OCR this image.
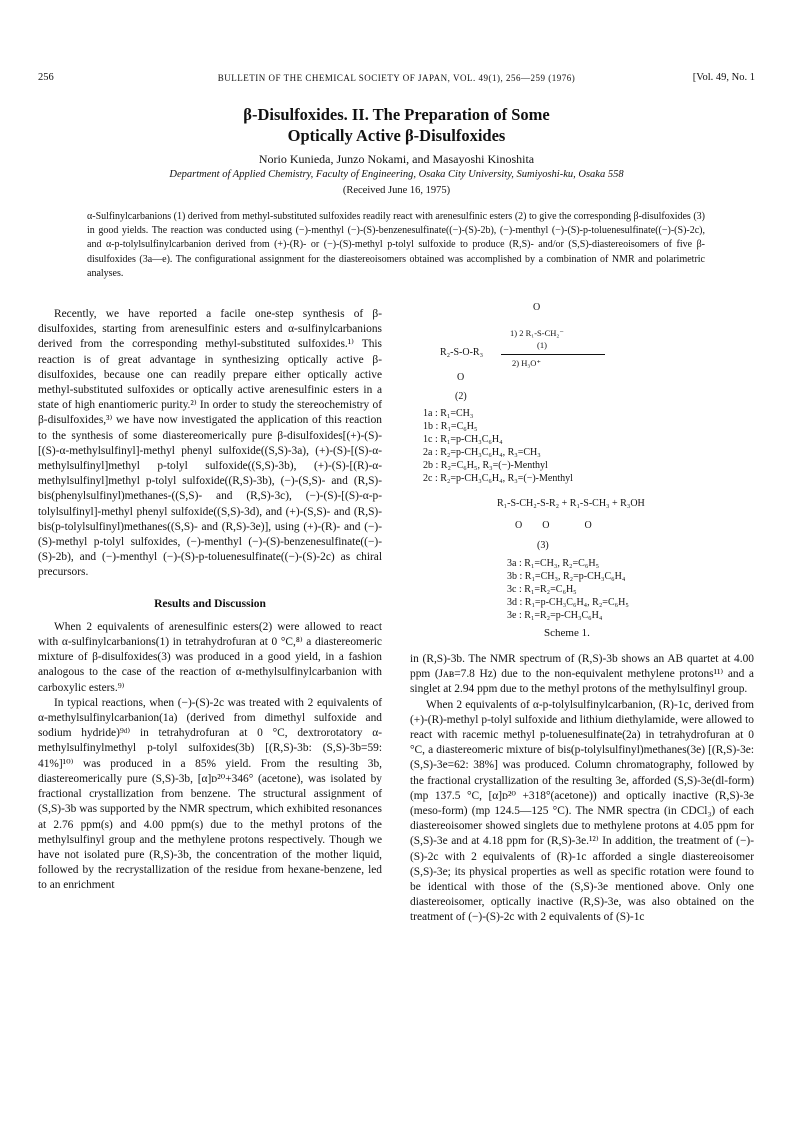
256	BULLETIN OF THE CHEMICAL SOCIETY OF JAPAN, VOL. 49(1), 256—259 (1976)	[Vol. 49, No. 1
β-Disulfoxides. II. The Preparation of Some
Optically Active β-Disulfoxides
Norio Kunieda, Junzo Nokami, and Masayoshi Kinoshita
Department of Applied Chemistry, Faculty of Engineering, Osaka City University, Sumiyoshi-ku, Osaka 558
(Received June 16, 1975)
α-Sulfinylcarbanions (1) derived from methyl-substituted sulfoxides readily react with arenesulfinic esters (2) to give the corresponding β-disulfoxides (3) in good yields. The reaction was conducted using (−)-menthyl (−)-(S)-benzenesulfinate((−)-(S)-2b), (−)-menthyl (−)-(S)-p-toluenesulfinate((−)-(S)-2c), and α-p-tolylsulfinylcarbanion derived from (+)-(R)- or (−)-(S)-methyl p-tolyl sulfoxide to produce (R,S)- and/or (S,S)-diastereoisomers of five β-disulfoxides (3a—e). The configurational assignment for the diastereoisomers obtained was accomplished by a combination of NMR and polarimetric analyses.

Recently, we have reported a facile one-step synthesis of β-disulfoxides, starting from arenesulfinic esters and α-sulfinylcarbanions derived from the corresponding methyl-substituted sulfoxides.¹⁾ This reaction is of great advantage in synthesizing optically active β-disulfoxides, because one can readily prepare either optically active methyl-substituted sulfoxides or optically active arenesulfinic esters in a state of high enantiomeric purity.²⁾ In order to study the stereochemistry of β-disulfoxides,³⁾ we have now investigated the application of this reaction to the synthesis of some diastereomerically pure β-disulfoxides[(+)-(S)-[(S)-α-methylsulfinyl]-methyl phenyl sulfoxide((S,S)-3a), (+)-(S)-[(S)-α-methylsulfinyl]methyl p-tolyl sulfoxide((S,S)-3b), (+)-(S)-[(R)-α-methylsulfinyl]methyl p-tolyl sulfoxide((R,S)-3b), (−)-(S,S)- and (R,S)-bis(phenylsulfinyl)methanes-((S,S)- and (R,S)-3c), (−)-(S)-[(S)-α-p-tolylsulfinyl]-methyl phenyl sulfoxide((S,S)-3d), and (+)-(S,S)- and (R,S)-bis(p-tolylsulfinyl)methanes((S,S)- and (R,S)-3e)], using (+)-(R)- and (−)-(S)-methyl p-tolyl sulfoxides, (−)-menthyl (−)-(S)-benzenesulfinate((−)-(S)-2b), and (−)-menthyl (−)-(S)-p-toluenesulfinate((−)-(S)-2c) as chiral precursors.

Results and Discussion

When 2 equivalents of arenesulfinic esters(2) were allowed to react with α-sulfinylcarbanions(1) in tetrahydrofuran at 0 °C,⁸⁾ a diastereomeric mixture of β-disulfoxides(3) was produced in a good yield, in a fashion analogous to the case of the reaction of α-methylsulfinylcarbanion with carboxylic esters.⁹⁾

In typical reactions, when (−)-(S)-2c was treated with 2 equivalents of α-methylsulfinylcarbanion(1a) (derived from dimethyl sulfoxide and sodium hydride)⁹ᵈ⁾ in tetrahydrofuran at 0 °C, dextrorotatory α-methylsulfinylmethyl p-tolyl sulfoxides(3b) [(R,S)-3b: (S,S)-3b=59: 41%]¹⁰⁾ was produced in a 85% yield. From the resulting 3b, diastereomerically pure (S,S)-3b, [α]ᴅ²⁰+346° (acetone), was isolated by fractional crystallization from benzene. The structural assignment of (S,S)-3b was supported by the NMR spectrum, which exhibited resonances at 2.76 ppm(s) and 4.00 ppm(s) due to the methyl protons of the methylsulfinyl group and the methylene protons respectively. Though we have not isolated pure (R,S)-3b, the concentration of the mother liquid, followed by the recrystallization of the residue from hexane-benzene, led to an enrichment

O
1) 2 R₁-S-CH₂⁻
(1)
2) H₃O⁺
R₂-S-O-R₃
O
(2)
1a : R₁=CH₃
1b : R₁=C₆H₅
1c : R₁=p-CH₃C₆H₄
2a : R₂=p-CH₃C₆H₄, R₃=CH₃
2b : R₂=C₆H₅, R₃=(−)-Menthyl
2c : R₂=p-CH₃C₆H₄, R₃=(−)-Menthyl
R₁-S-CH₂-S-R₂ + R₁-S-CH₃ + R₃OH
O        O              O
(3)
3a : R₁=CH₃, R₂=C₆H₅
3b : R₁=CH₃, R₂=p-CH₃C₆H₄
3c : R₁=R₂=C₆H₅
3d : R₁=p-CH₃C₆H₄, R₂=C₆H₅
3e : R₁=R₂=p-CH₃C₆H₄
Scheme 1.

in (R,S)-3b. The NMR spectrum of (R,S)-3b shows an AB quartet at 4.00 ppm (Jᴀʙ=7.8 Hz) due to the non-equivalent methylene protons¹¹⁾ and a singlet at 2.94 ppm due to the methyl protons of the methylsulfinyl group.

When 2 equivalents of α-p-tolylsulfinylcarbanion, (R)-1c, derived from (+)-(R)-methyl p-tolyl sulfoxide and lithium diethylamide, were allowed to react with racemic methyl p-toluenesulfinate(2a) in tetrahydrofuran at 0 °C, a diastereomeric mixture of bis(p-tolylsulfinyl)methanes(3e) [(R,S)-3e: (S,S)-3e=62: 38%] was produced. Column chromatography, followed by the fractional crystallization of the resulting 3e, afforded (S,S)-3e(dl-form) (mp 137.5 °C, [α]ᴅ²⁰ +318°(acetone)) and optically inactive (R,S)-3e (meso-form) (mp 124.5—125 °C). The NMR spectra (in CDCl₃) of each diastereoisomer showed singlets due to methylene protons at 4.05 ppm for (S,S)-3e and at 4.18 ppm for (R,S)-3e.¹²⁾ In addition, the treatment of (−)-(S)-2c with 2 equivalents of (R)-1c afforded a single diastereoisomer (S,S)-3e; its physical properties as well as specific rotation were found to be identical with those of the (S,S)-3e mentioned above. Only one diastereoisomer, optically inactive (R,S)-3e, was also obtained on the treatment of (−)-(S)-2c with 2 equivalents of (S)-1c
